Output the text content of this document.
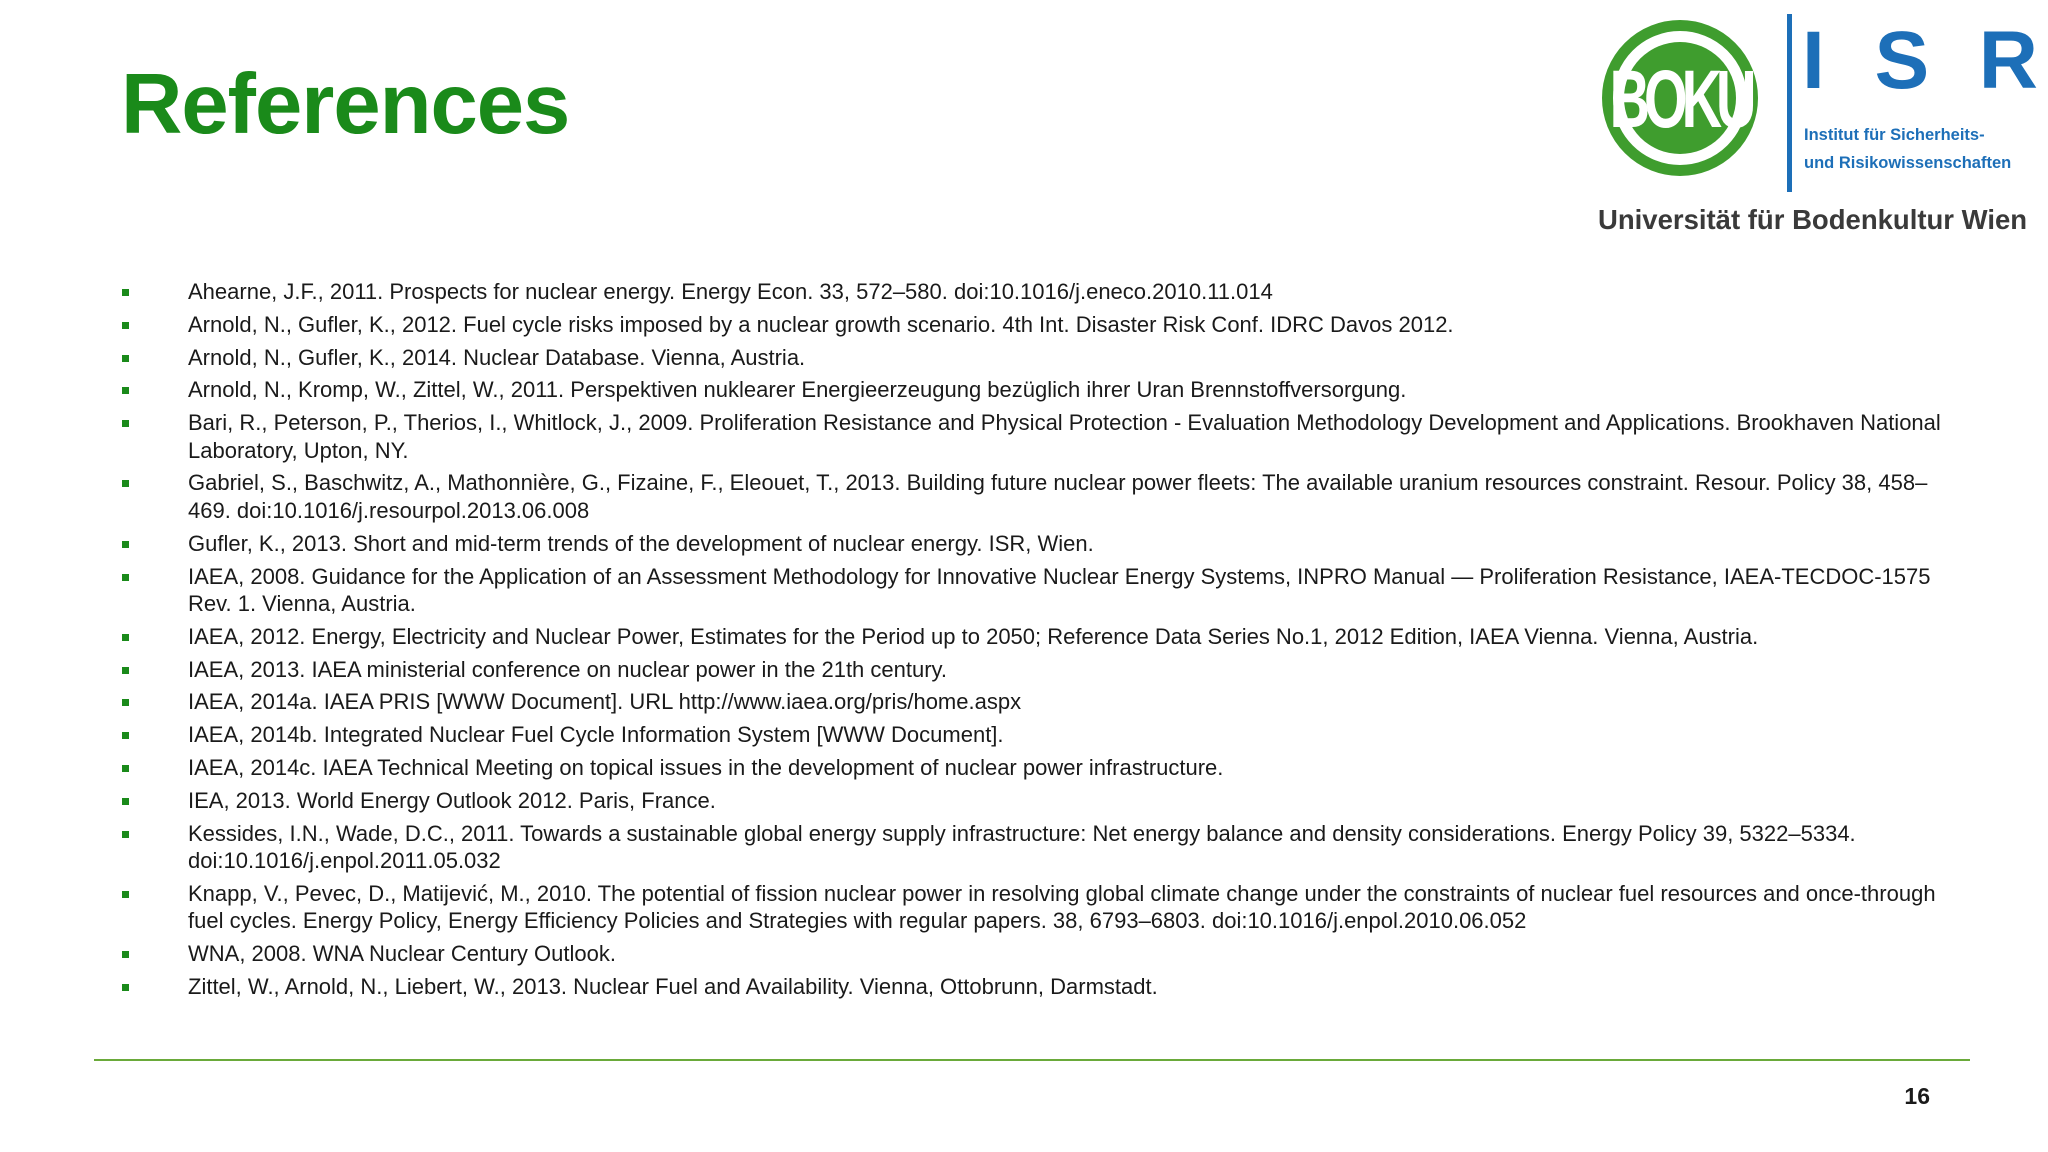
References	BOKU I S R
Institut für Sicherheits-
und Risikowissenschaften
Universität für Bodenkultur Wien
Ahearne, J.F., 2011. Prospects for nuclear energy. Energy Econ. 33, 572–580. doi:10.1016/j.eneco.2010.11.014
Arnold, N., Gufler, K., 2012. Fuel cycle risks imposed by a nuclear growth scenario. 4th Int. Disaster Risk Conf. IDRC Davos 2012.
Arnold, N., Gufler, K., 2014. Nuclear Database. Vienna, Austria.
Arnold, N., Kromp, W., Zittel, W., 2011. Perspektiven nuklearer Energieerzeugung bezüglich ihrer Uran Brennstoffversorgung.
Bari, R., Peterson, P., Therios, I., Whitlock, J., 2009. Proliferation Resistance and Physical Protection - Evaluation Methodology Development and Applications. Brookhaven National Laboratory, Upton, NY.
Gabriel, S., Baschwitz, A., Mathonnière, G., Fizaine, F., Eleouet, T., 2013. Building future nuclear power fleets: The available uranium resources constraint. Resour. Policy 38, 458–469. doi:10.1016/j.resourpol.2013.06.008
Gufler, K., 2013. Short and mid-term trends of the development of nuclear energy. ISR, Wien.
IAEA, 2008. Guidance for the Application of an Assessment Methodology for Innovative Nuclear Energy Systems, INPRO Manual — Proliferation Resistance, IAEA-TECDOC-1575 Rev. 1. Vienna, Austria.
IAEA, 2012. Energy, Electricity and Nuclear Power, Estimates for the Period up to 2050; Reference Data Series No.1, 2012 Edition, IAEA Vienna. Vienna, Austria.
IAEA, 2013. IAEA ministerial conference on nuclear power in the 21th century.
IAEA, 2014a. IAEA PRIS [WWW Document]. URL http://www.iaea.org/pris/home.aspx
IAEA, 2014b. Integrated Nuclear Fuel Cycle Information System [WWW Document].
IAEA, 2014c. IAEA Technical Meeting on topical issues in the development of nuclear power infrastructure.
IEA, 2013. World Energy Outlook 2012. Paris, France.
Kessides, I.N., Wade, D.C., 2011. Towards a sustainable global energy supply infrastructure: Net energy balance and density considerations. Energy Policy 39, 5322–5334. doi:10.1016/j.enpol.2011.05.032
Knapp, V., Pevec, D., Matijević, M., 2010. The potential of fission nuclear power in resolving global climate change under the constraints of nuclear fuel resources and once-through fuel cycles. Energy Policy, Energy Efficiency Policies and Strategies with regular papers. 38, 6793–6803. doi:10.1016/j.enpol.2010.06.052
WNA, 2008. WNA Nuclear Century Outlook.
Zittel, W., Arnold, N., Liebert, W., 2013. Nuclear Fuel and Availability. Vienna, Ottobrunn, Darmstadt.
16
